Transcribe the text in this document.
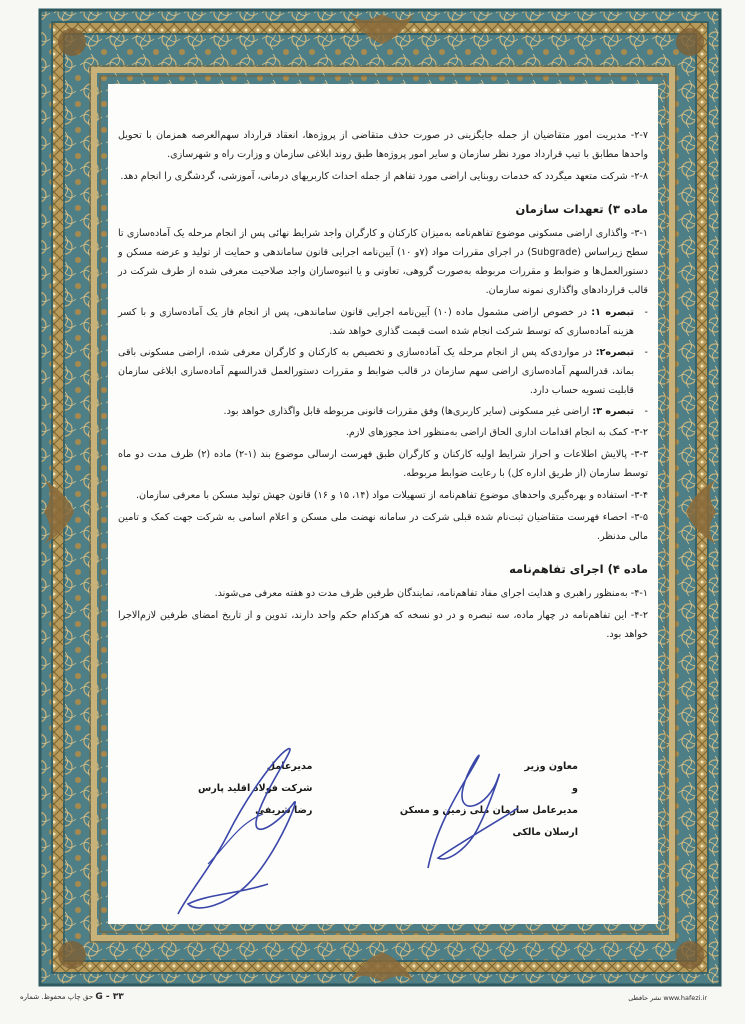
۲-۷- مدیریت امور متقاضیان از جمله جایگزینی در صورت حذف متقاضی از پروژه‌ها، انعقاد قرارداد سهم‌العرصه همزمان با تحویل واحدها مطابق با تیپ قرارداد مورد نظر سازمان و سایر امور پروژه‌ها طبق روند ابلاغی سازمان و وزارت راه و شهرسازی.

۲-۸- شرکت متعهد میگردد که خدمات روبنایی اراضی مورد تفاهم از جمله احداث کاربریهای درمانی، آموزشی، گردشگری را انجام دهد.

ماده ۳) تعهدات سازمان

۳-۱- واگذاری اراضی مسکونی موضوع تفاهم‌نامه به‌میزان کارکنان و کارگران واجد شرایط نهائی پس از انجام مرحله یک آماده‌سازی تا سطح زیراساس (Subgrade) در اجرای مقررات مواد (۷و ۱۰) آیین‌نامه اجرایی قانون ساماندهی و حمایت از تولید و عرضه مسکن و دستورالعمل‌ها و ضوابط و مقررات مربوطه به‌صورت گروهی، تعاونی و یا انبوه‌سازان واجد صلاحیت معرفی شده از طرف شرکت در قالب قراردادهای واگذاری نمونه سازمان.

- تبصره ۱: در خصوص اراضی مشمول ماده (۱۰) آیین‌نامه اجرایی قانون ساماندهی، پس از انجام فاز یک آماده‌سازی و با کسر هزینه آماده‌سازی که توسط شرکت انجام شده است قیمت گذاری خواهد شد.

- تبصره۲: در مواردی‌که پس از انجام مرحله یک آماده‌سازی و تخصیص به کارکنان و کارگران معرفی شده، اراضی مسکونی باقی بماند، قدرالسهم آماده‌سازی اراضی سهم سازمان در قالب ضوابط و مقررات دستورالعمل قدرالسهم آماده‌سازی ابلاغی سازمان قابلیت تسویه حساب دارد.

- تبصره ۳: اراضی غیر مسکونی (سایر کاربری‌ها) وفق مقررات قانونی مربوطه قابل واگذاری خواهد بود.

۳-۲- کمک به انجام اقدامات اداری الحاق اراضی به‌منظور اخذ مجوزهای لازم.

۳-۳- پالایش اطلاعات و احراز شرایط اولیه کارکنان و کارگران طبق فهرست ارسالی موضوع بند (۱-۲) ماده (۲) ظرف مدت دو ماه توسط سازمان (از طریق اداره کل) با رعایت ضوابط مربوطه.

۳-۴- استفاده و بهره‌گیری واحدهای موضوع تفاهم‌نامه از تسهیلات مواد (۱۴، ۱۵ و ۱۶) قانون جهش تولید مسکن با معرفی سازمان.

۳-۵- احصاء فهرست متقاضیان ثبت‌نام شده قبلی شرکت در سامانه نهضت ملی مسکن و اعلام اسامی به شرکت جهت کمک و تامین مالی مدنظر.

ماده ۴) اجرای تفاهم‌نامه

۴-۱- به‌منظور راهبری و هدایت اجرای مفاد تفاهم‌نامه، نمایندگان طرفین ظرف مدت دو هفته معرفی می‌شوند.

۴-۲- این تفاهم‌نامه در چهار ماده، سه تبصره و در دو نسخه که هرکدام حکم واحد دارند، تدوین و از تاریخ امضای طرفین لازم‌الاجرا خواهد بود.

معاون وزیر
و
مدیرعامل سازمان ملی زمین و مسکن
ارسلان مالکی
مدیرعامل
شرکت فولاد اقلید پارس
رضا شریفی
G - ۳۳ حق چاپ محفوظ. شماره	www.hafezi.ir نشر حافظی
